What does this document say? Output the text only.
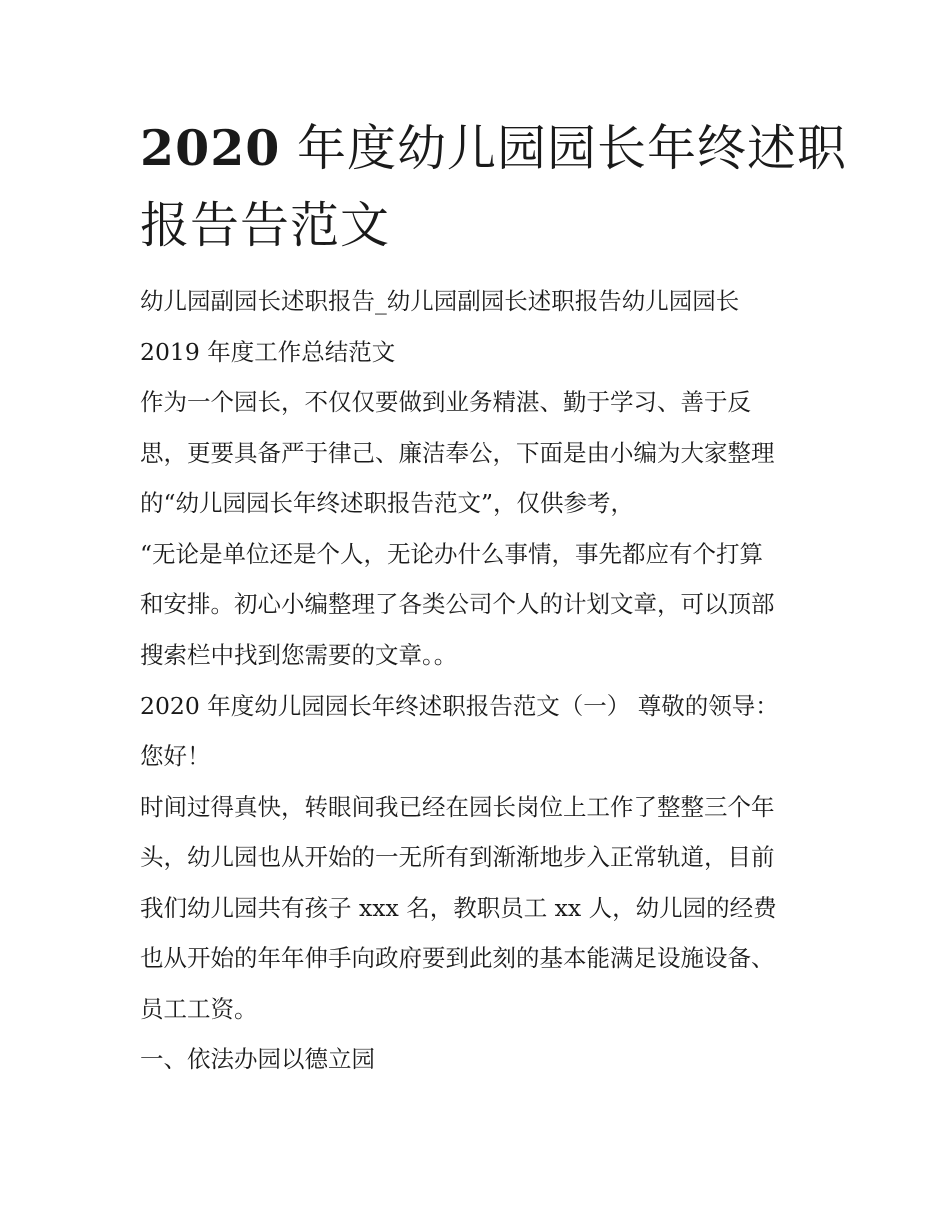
2020 年度幼儿园园长年终述职
报告告范文

幼儿园副园长述职报告_幼儿园副园长述职报告幼儿园园长

2019 年度工作总结范文

作为一个园长，不仅仅要做到业务精湛、勤于学习、善于反

思，更要具备严于律己、廉洁奉公，下面是由小编为大家整理

的“幼儿园园长年终述职报告范文”，仅供参考，

“无论是单位还是个人，无论办什么事情，事先都应有个打算

和安排。初心小编整理了各类公司个人的计划文章，可以顶部

搜索栏中找到您需要的文章。。

2020 年度幼儿园园长年终述职报告范文（一） 尊敬的领导：

您好！

时间过得真快，转眼间我已经在园长岗位上工作了整整三个年

头，幼儿园也从开始的一无所有到渐渐地步入正常轨道，目前

我们幼儿园共有孩子 xxx 名，教职员工 xx 人，幼儿园的经费

也从开始的年年伸手向政府要到此刻的基本能满足设施设备、

员工工资。

一、依法办园以德立园
